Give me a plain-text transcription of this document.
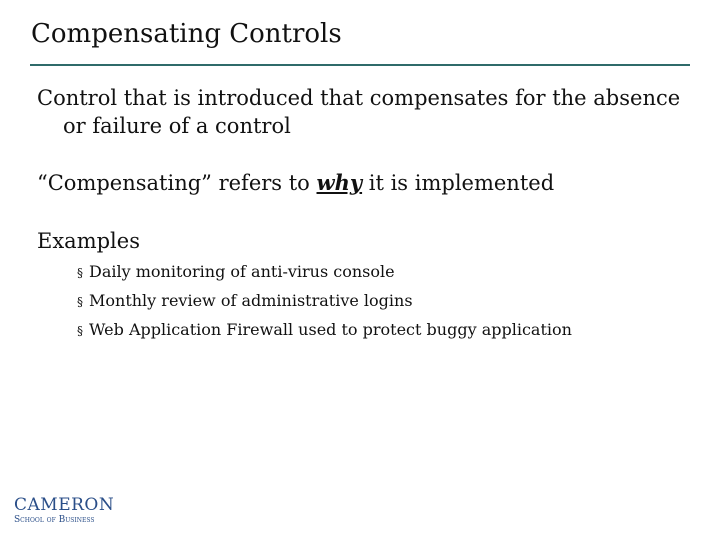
Compensating Controls
Control that is introduced that compensates for the absence
or failure of a control
“Compensating” refers to why it is implemented
Examples
§ Daily monitoring of anti-virus console
§ Monthly review of administrative logins
§ Web Application Firewall used to protect buggy application
CAMERON
School of Business
